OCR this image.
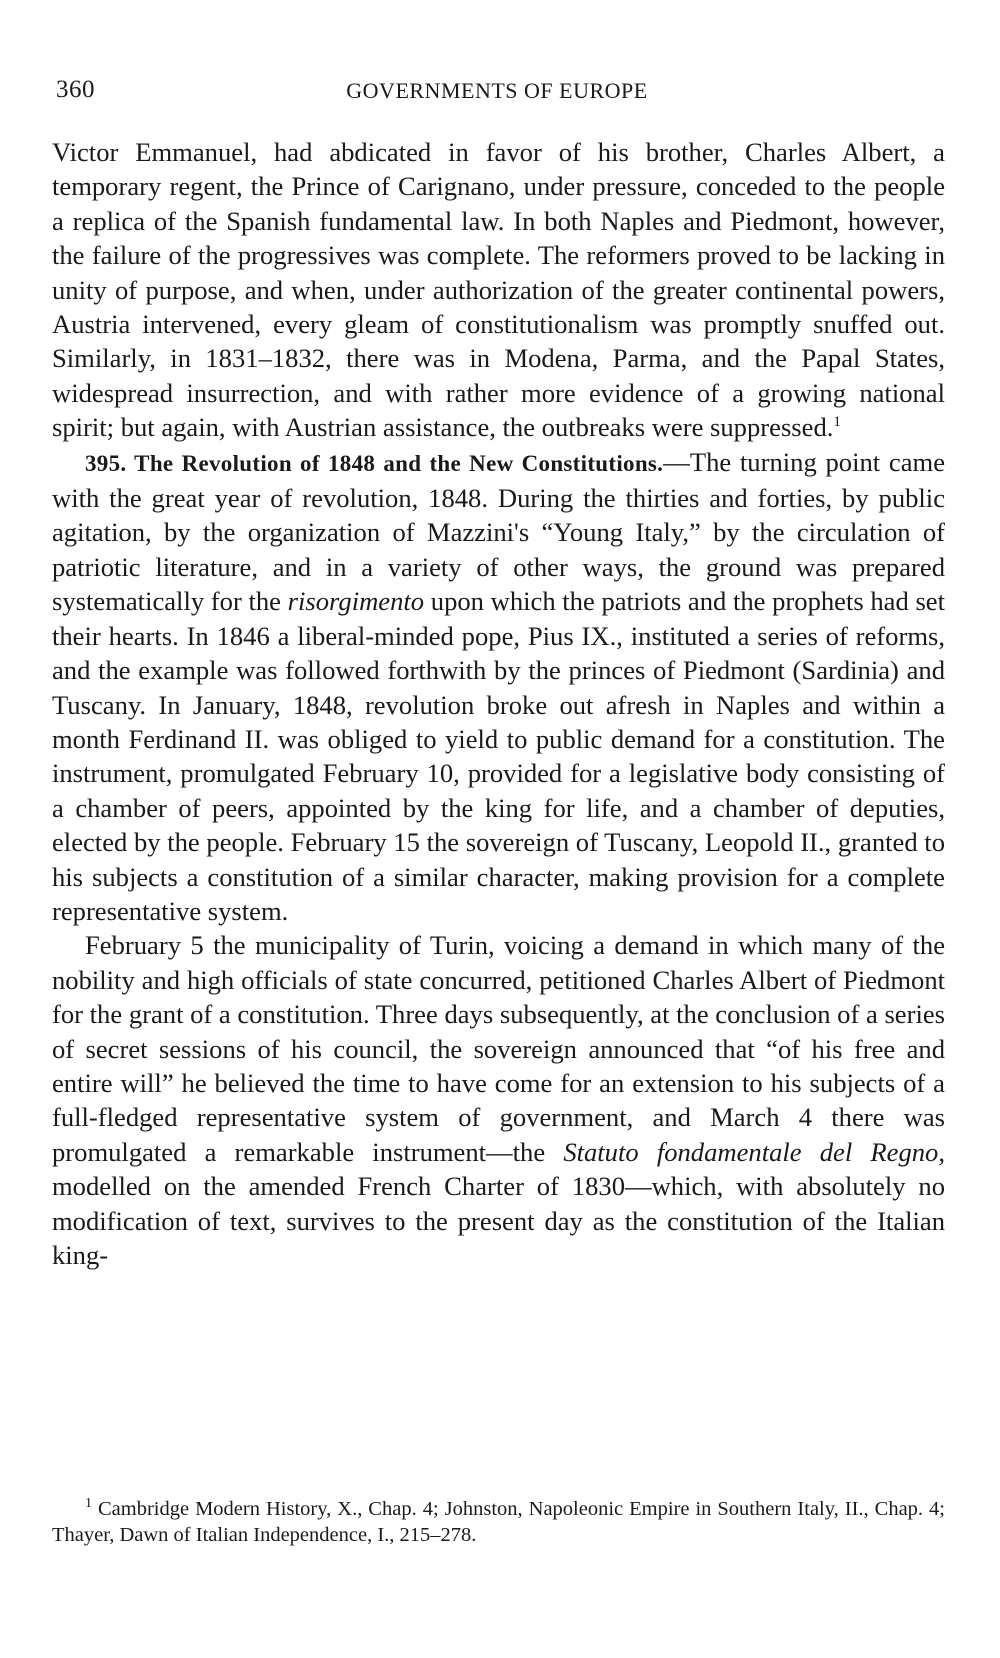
360	GOVERNMENTS OF EUROPE

Victor Emmanuel, had abdicated in favor of his brother, Charles Albert, a temporary regent, the Prince of Carignano, under pressure, conceded to the people a replica of the Spanish fundamental law. In both Naples and Piedmont, however, the failure of the progressives was complete. The reformers proved to be lacking in unity of purpose, and when, under authorization of the greater continental powers, Austria intervened, every gleam of constitutionalism was promptly snuffed out. Similarly, in 1831–1832, there was in Modena, Parma, and the Papal States, widespread insurrection, and with rather more evidence of a growing national spirit; but again, with Austrian assistance, the outbreaks were suppressed.$^1$

395. The Revolution of 1848 and the New Constitutions.—The turning point came with the great year of revolution, 1848. During the thirties and forties, by public agitation, by the organization of Mazzini's “Young Italy,” by the circulation of patriotic literature, and in a variety of other ways, the ground was prepared systematically for the risorgimento upon which the patriots and the prophets had set their hearts. In 1846 a liberal-minded pope, Pius IX., instituted a series of reforms, and the example was followed forthwith by the princes of Piedmont (Sardinia) and Tuscany. In January, 1848, revolution broke out afresh in Naples and within a month Ferdinand II. was obliged to yield to public demand for a constitution. The instrument, promulgated February 10, provided for a legislative body consisting of a chamber of peers, appointed by the king for life, and a chamber of deputies, elected by the people. February 15 the sovereign of Tuscany, Leopold II., granted to his subjects a constitution of a similar character, making provision for a complete representative system.

February 5 the municipality of Turin, voicing a demand in which many of the nobility and high officials of state concurred, petitioned Charles Albert of Piedmont for the grant of a constitution. Three days subsequently, at the conclusion of a series of secret sessions of his council, the sovereign announced that “of his free and entire will” he believed the time to have come for an extension to his subjects of a full-fledged representative system of government, and March 4 there was promulgated a remarkable instrument—the Statuto fondamentale del Regno, modelled on the amended French Charter of 1830—which, with absolutely no modification of text, survives to the present day as the constitution of the Italian king-

$^1$ Cambridge Modern History, X., Chap. 4; Johnston, Napoleonic Empire in Southern Italy, II., Chap. 4; Thayer, Dawn of Italian Independence, I., 215–278.
